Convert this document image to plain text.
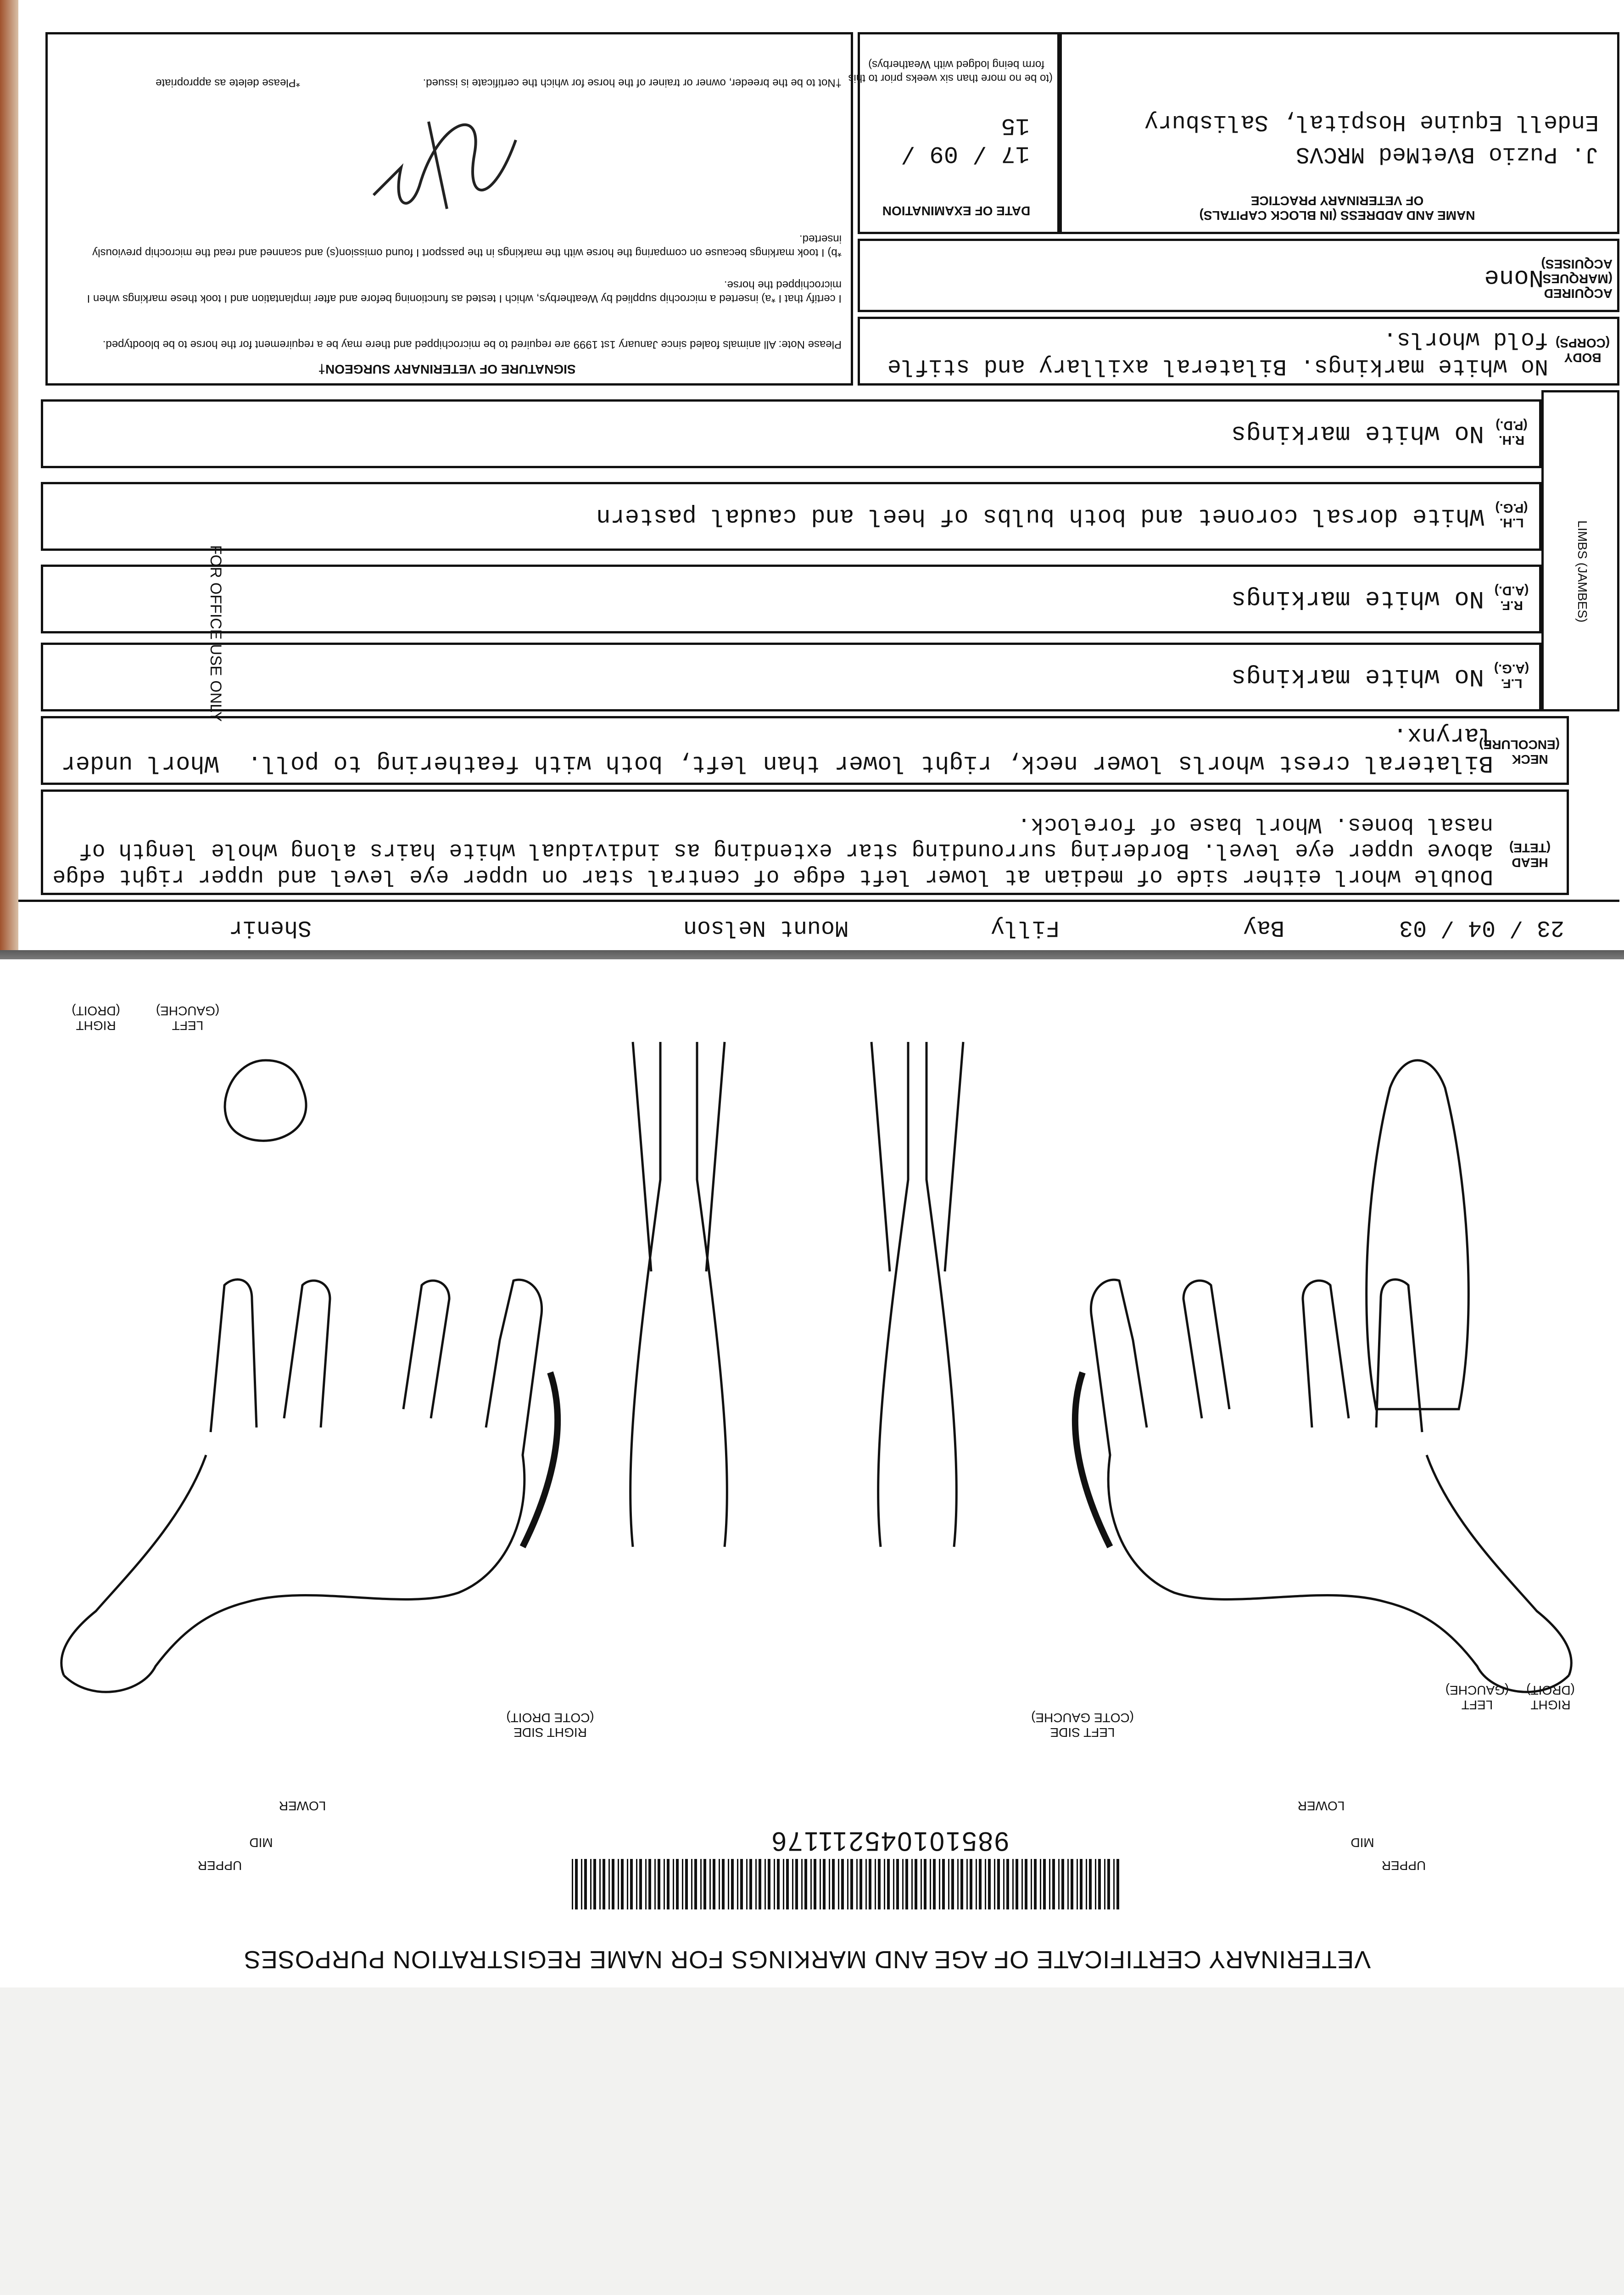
23 / 04 / 03
Bay
Filly
Mount Nelson
Shenir
FOR OFFICE USE ONLY
HEAD
(TETE)
Double whorl either side of median at lower left edge of central star on upper eye level and upper right edge above upper eye level. Bordering surrounding star extending as individual white hairs along whole length of nasal bones. Whorl base of forelock.
NECK
(ENCOLURE)
Bilateral crest whorls lower neck, right lower than left, both with feathering to poll.  Whorl under larynx.
LIMBS (JAMBES)
L.F.
(A.G.)
No white markings
R.F.
(A.D.)
No white markings
L.H.
(P.G.)
White dorsal coronet and both bulbs of heel and caudal pastern
R.H.
(P.D.)
No white markings
BODY
(CORPS)
No white markings. Bilateral axillary and stifle fold whorls.
ACQUIRED
(MARQUES
ACQUISES)
None
NAME AND ADDRESS (IN BLOCK CAPITALS)
OF VETERINARY PRACTICE
J. Puzio BVetMed MRCVS
Endell Equine Hospital, Salisbury
DATE OF EXAMINATION
17 / 09 / 15
(to be no more than six weeks prior to this
form being lodged with Weatherbys)
SIGNATURE OF VETERINARY SURGEON†
Please Note: All animals foaled since January 1st 1999 are required to be microchipped and there may be a requirement for the horse to be bloodtyped.
I certify that I *a) inserted a microchip supplied by Weatherbys, which I tested as functioning before and after implantation and I took these markings when I microchipped the horse.
*b) I took markings because on comparing the horse with the markings in the passport I found omission(s) and scanned and read the microchip previously inserted.
†Not to be the breeder, owner or trainer of the horse for which the certificate is issued.
*Please delete as appropriate
VETERINARY CERTIFICATE OF AGE AND MARKINGS FOR NAME REGISTRATION PURPOSES
985101045211176
LEFT SIDE
(COTE GAUCHE)
RIGHT SIDE
(COTE DROIT)
LEFT
(GAUCHE)
RIGHT
(DROIT)
LEFT
(GAUCHE)
RIGHT
(DROIT)
UPPER
MID
LOWER
UPPER
MID
LOWER
